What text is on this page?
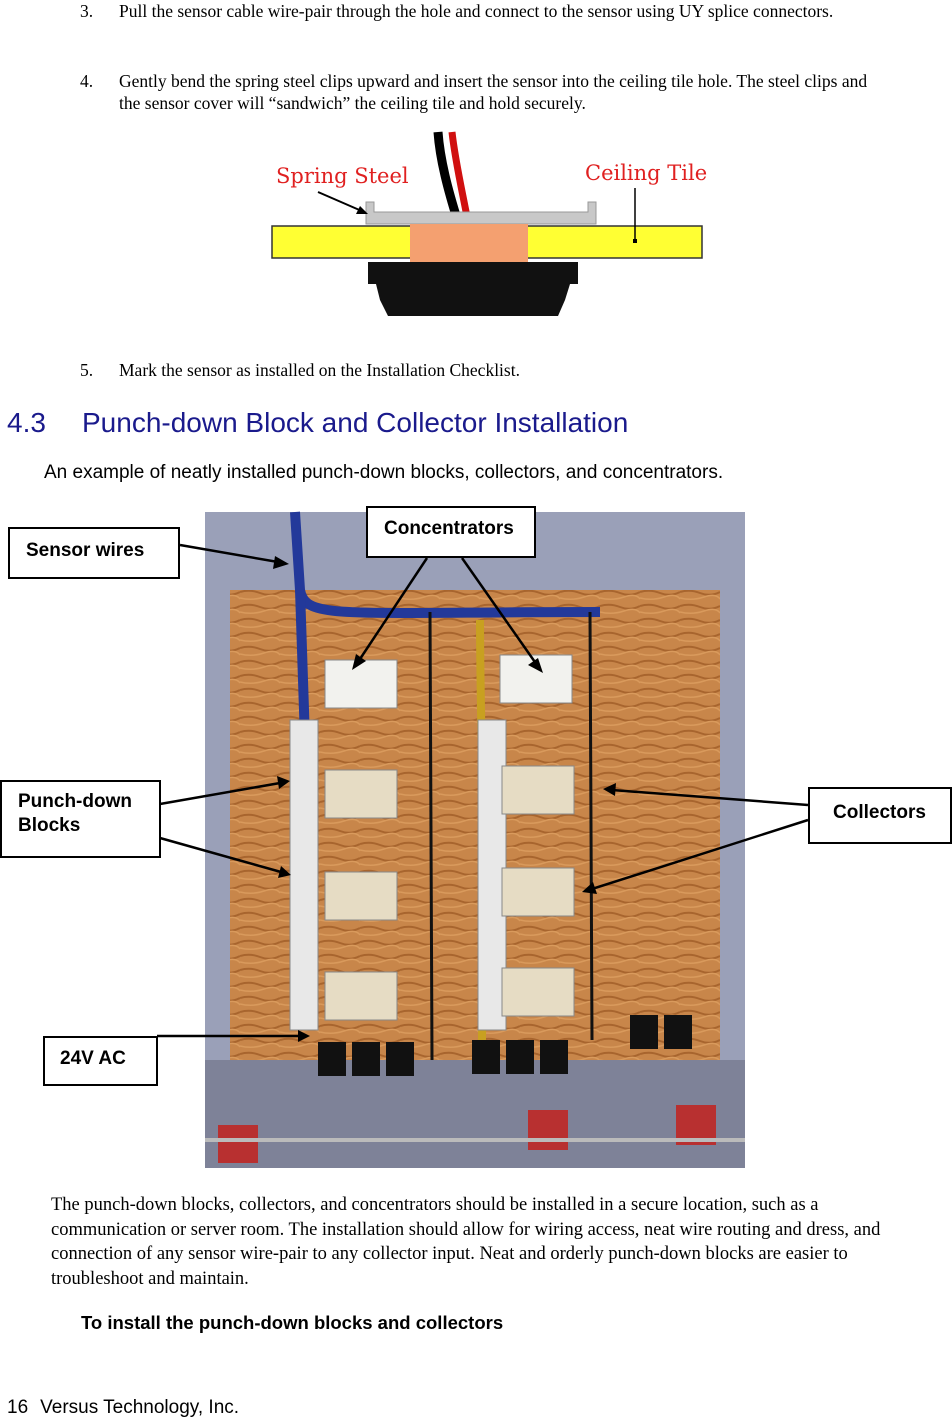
3. Pull the sensor cable wire-pair through the hole and connect to the sensor using UY splice connectors.
4. Gently bend the spring steel clips upward and insert the sensor into the ceiling tile hole. The steel clips and the sensor cover will “sandwich” the ceiling tile and hold securely.
Spring Steel	Ceiling Tile
5. Mark the sensor as installed on the Installation Checklist.
4.3 Punch-down Block and Collector Installation
An example of neatly installed punch-down blocks, collectors, and concentrators.
Sensor wires
Concentrators
Punch-down
Blocks
Collectors
24V AC
The punch-down blocks, collectors, and concentrators should be installed in a secure location, such as a communication or server room. The installation should allow for wiring access, neat wire routing and dress, and connection of any sensor wire-pair to any collector input. Neat and orderly punch-down blocks are easier to troubleshoot and maintain.
To install the punch-down blocks and collectors
16 Versus Technology, Inc.
